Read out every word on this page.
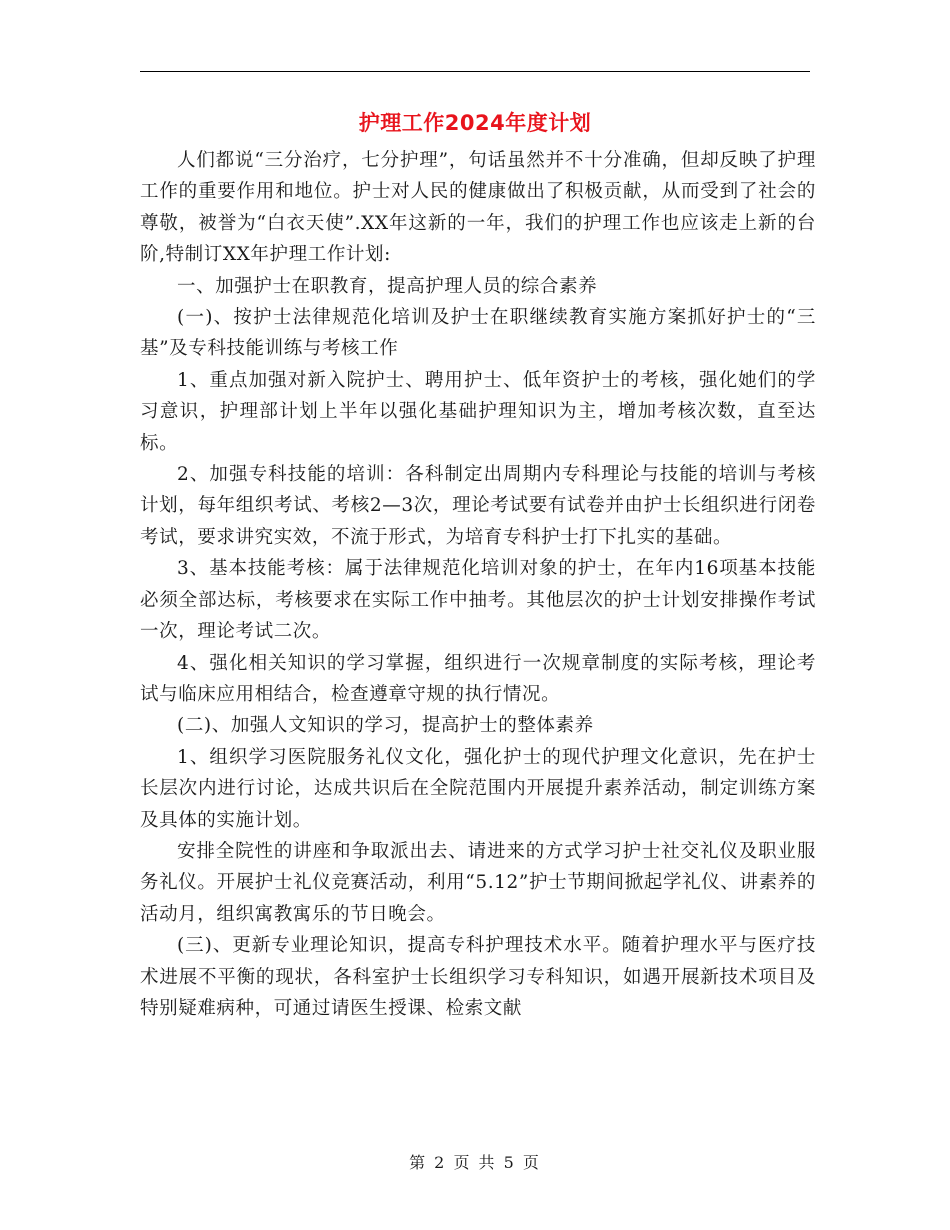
护理工作2024年度计划

人们都说“三分治疗，七分护理”，句话虽然并不十分准确，但却反映了护理工作的重要作用和地位。护士对人民的健康做出了积极贡献，从而受到了社会的尊敬，被誉为“白衣天使”.XX年这新的一年，我们的护理工作也应该走上新的台阶,特制订XX年护理工作计划:

一、加强护士在职教育，提高护理人员的综合素养

(一)、按护士法律规范化培训及护士在职继续教育实施方案抓好护士的“三基”及专科技能训练与考核工作

1、重点加强对新入院护士、聘用护士、低年资护士的考核，强化她们的学习意识，护理部计划上半年以强化基础护理知识为主，增加考核次数，直至达标。

2、加强专科技能的培训：各科制定出周期内专科理论与技能的培训与考核计划，每年组织考试、考核2—3次，理论考试要有试卷并由护士长组织进行闭卷考试，要求讲究实效，不流于形式，为培育专科护士打下扎实的基础。

3、基本技能考核：属于法律规范化培训对象的护士，在年内16项基本技能必须全部达标，考核要求在实际工作中抽考。其他层次的护士计划安排操作考试一次，理论考试二次。

4、强化相关知识的学习掌握，组织进行一次规章制度的实际考核，理论考试与临床应用相结合，检查遵章守规的执行情况。

(二)、加强人文知识的学习，提高护士的整体素养

1、组织学习医院服务礼仪文化，强化护士的现代护理文化意识，先在护士长层次内进行讨论，达成共识后在全院范围内开展提升素养活动，制定训练方案及具体的实施计划。

安排全院性的讲座和争取派出去、请进来的方式学习护士社交礼仪及职业服务礼仪。开展护士礼仪竞赛活动，利用“5.12”护士节期间掀起学礼仪、讲素养的活动月，组织寓教寓乐的节日晚会。

(三)、更新专业理论知识，提高专科护理技术水平。随着护理水平与医疗技术进展不平衡的现状，各科室护士长组织学习专科知识，如遇开展新技术项目及特别疑难病种，可通过请医生授课、检索文献

第 2 页 共 5 页
